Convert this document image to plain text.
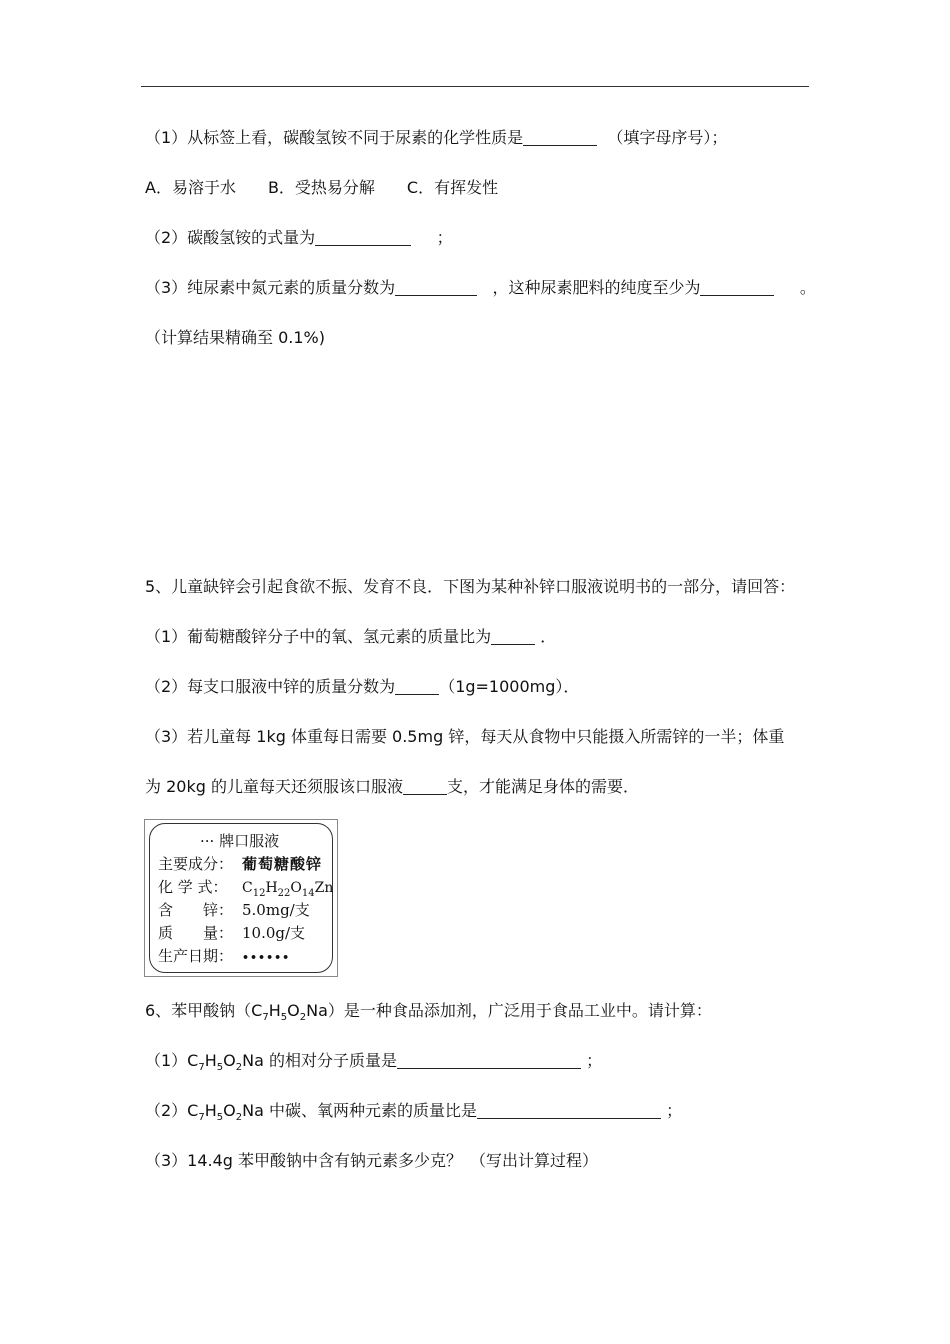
（1）从标签上看，碳酸氢铵不同于尿素的化学性质是	（填字母序号）；
A．易溶于水　　B．受热易分解　　C．有挥发性
（2）碳酸氢铵的式量为	；
（3）纯尿素中氮元素的质量分数为	，这种尿素肥料的纯度至少为	。
（计算结果精确至 0.1%)
5、儿童缺锌会引起食欲不振、发育不良．下图为某种补锌口服液说明书的一部分，请回答：
（1）葡萄糖酸锌分子中的氧、氢元素的质量比为	．
（2）每支口服液中锌的质量分数为	（1g=1000mg）．
（3）若儿童每 1kg 体重每日需要 0.5mg 锌，每天从食物中只能摄入所需锌的一半；体重
为 20kg 的儿童每天还须服该口服液	支，才能满足身体的需要．
··· 牌口服液
主要成分： 葡萄糖酸锌
化 学 式： $C_{12}H_{22}O_{14}Zn$
含　　锌： 5.0mg/支
质　　量： 10.0g/支
生产日期： ••••••
6、苯甲酸钠$(C_7H_5O_2Na)$是一种食品添加剂，广泛用于食品工业中。请计算：
$(1)C_7H_5O_2Na$ 的相对分子质量是	；
$(2)C_7H_5O_2Na$ 中碳、氧两种元素的质量比是	；
（3）14.4g 苯甲酸钠中含有钠元素多少克？　（写出计算过程）
